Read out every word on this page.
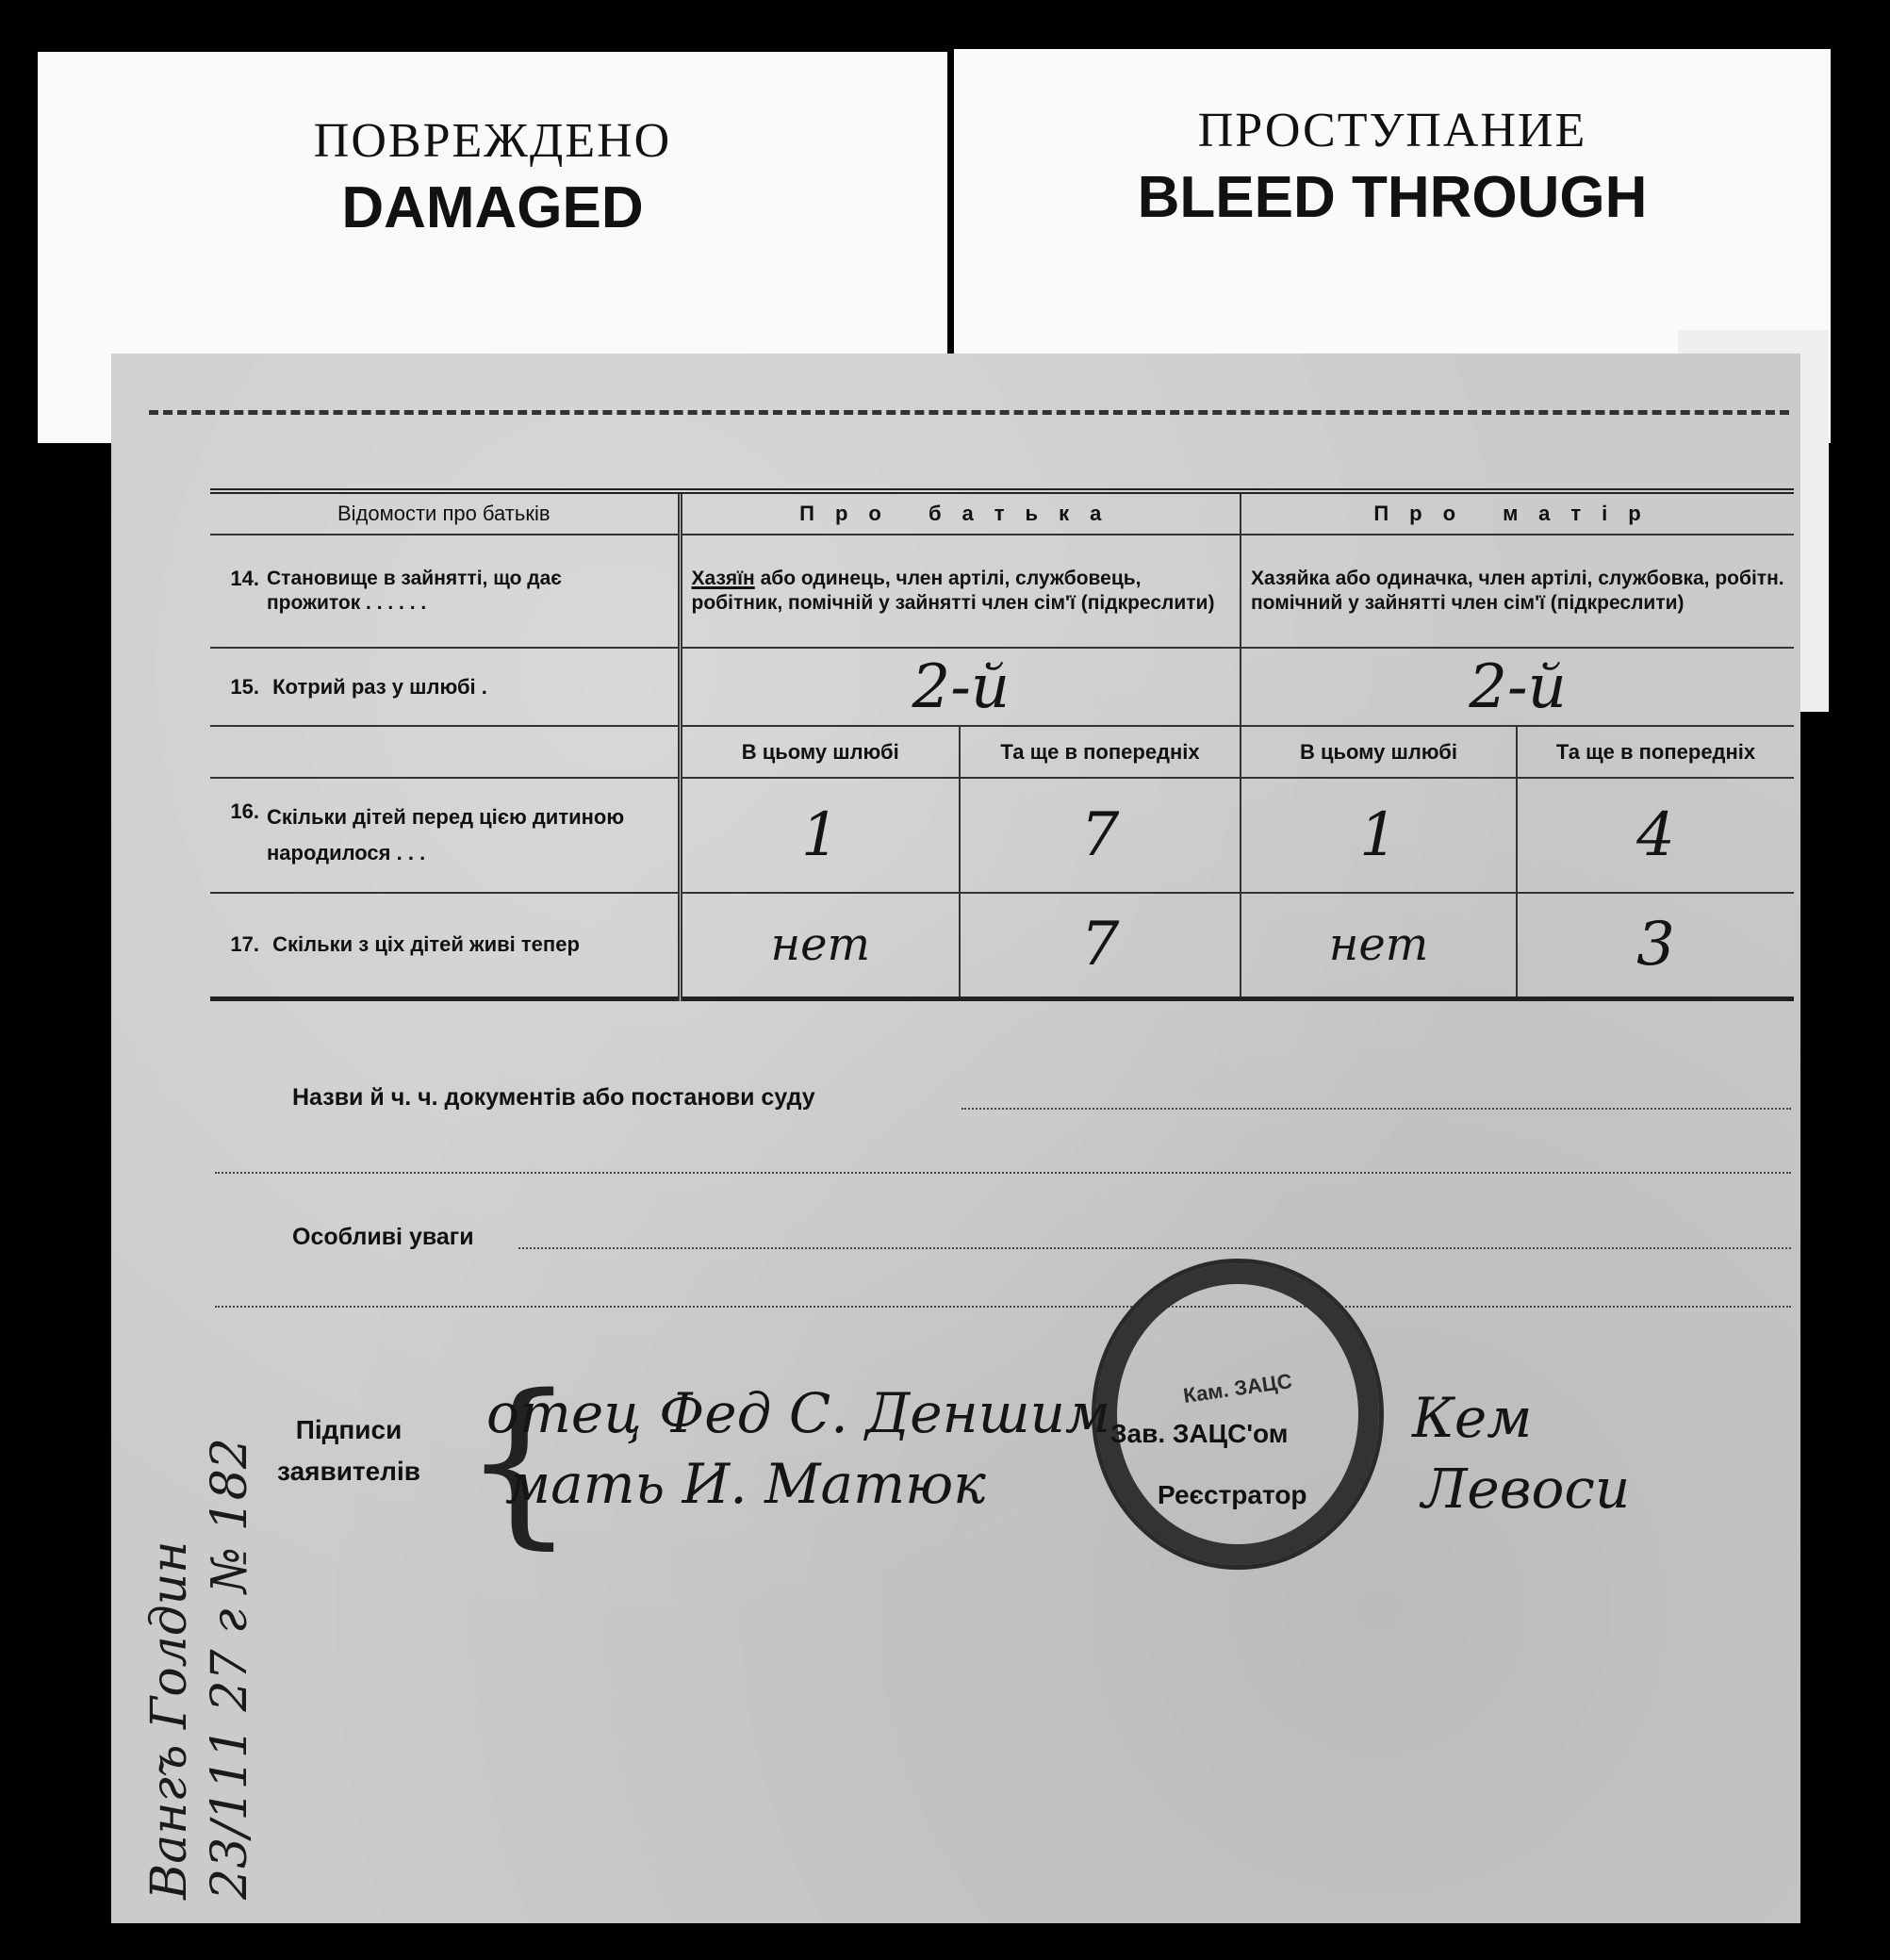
ПОВРЕЖДЕНО
DAMAGED
ПРОСТУПАНИЕ
BLEED THROUGH
Відомости про батьків	Про батька		Про матір	

14. Становище в зайнятті, що дає прожиток . . . . . .	Хазяїн або одинець, член артілі, службовець, робітник, помічній у зайнятті член сім'ї (підкреслити)		Хазяйка або одиначка, член артілі, службовка, робітн. помічний у зайнятті член сім'ї (підкреслити)	
15. Котрий раз у шлюбі .	2-й		2-й	
	В цьому шлюбі	Та ще в попередніх	В цьому шлюбі	Та ще в попередніх

16. Скільки дітей перед цією дитиною народилося . . .	1	7	1	4
17. Скільки з ціх дітей живі тепер	нет	7	нет	3
Назви й ч. ч. документів або постанови суду
Особливі уваги
Кам. ЗАЦС
Підписи
заявителів {
отец Фед С. Деншим
мать И. Матюк
Зав. ЗАЦС'ом
Реєстратор
Кем
Левоси
Вангъ Голдин 23/111 27 г № 182
